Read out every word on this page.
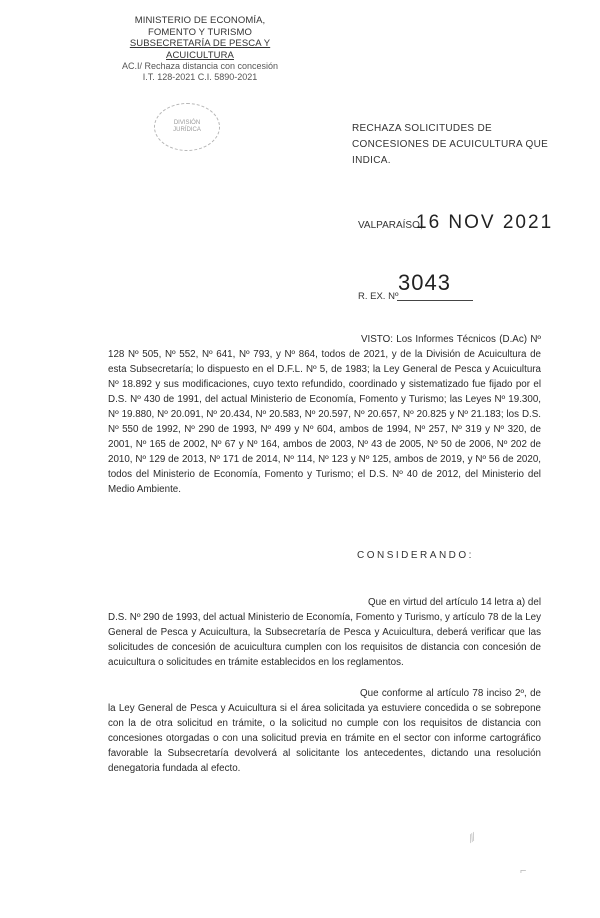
MINISTERIO DE ECONOMÍA,
FOMENTO Y TURISMO
SUBSECRETARÍA DE PESCA Y ACUICULTURA
AC.I/ Rechaza distancia con concesión
I.T. 128-2021 C.I. 5890-2021
DIVISIÓN
JURÍDICA	RECHAZA SOLICITUDES DE CONCESIONES DE ACUICULTURA QUE INDICA.
VALPARAÍSO,
16 NOV 2021
R. EX. Nº
3043
VISTO: Los Informes Técnicos (D.Ac) Nº 128 Nº 505, Nº 552, Nº 641, Nº 793, y Nº 864, todos de 2021, y de la División de Acuicultura de esta Subsecretaría; lo dispuesto en el D.F.L. Nº 5, de 1983; la Ley General de Pesca y Acuicultura Nº 18.892 y sus modificaciones, cuyo texto refundido, coordinado y sistematizado fue fijado por el D.S. Nº 430 de 1991, del actual Ministerio de Economía, Fomento y Turismo; las Leyes Nº 19.300, Nº 19.880, Nº 20.091, Nº 20.434, Nº 20.583, Nº 20.597, Nº 20.657, Nº 20.825 y Nº 21.183; los D.S. Nº 550 de 1992, Nº 290 de 1993, Nº 499 y Nº 604, ambos de 1994, Nº 257, Nº 319 y Nº 320, de 2001, Nº 165 de 2002, Nº 67 y Nº 164, ambos de 2003, Nº 43 de 2005, Nº 50 de 2006, Nº 202 de 2010, Nº 129 de 2013, Nº 171 de 2014, Nº 114, Nº 123 y Nº 125, ambos de 2019, y Nº 56 de 2020, todos del Ministerio de Economía, Fomento y Turismo; el D.S. Nº 40 de 2012, del Ministerio del Medio Ambiente.
CONSIDERANDO:
Que en virtud del artículo 14 letra a) del D.S. Nº 290 de 1993, del actual Ministerio de Economía, Fomento y Turismo, y artículo 78 de la Ley General de Pesca y Acuicultura, la Subsecretaría de Pesca y Acuicultura, deberá verificar que las solicitudes de concesión de acuicultura cumplen con los requisitos de distancia con concesión de acuicultura o solicitudes en trámite establecidos en los reglamentos.
Que conforme al artículo 78 inciso 2º, de la Ley General de Pesca y Acuicultura si el área solicitada ya estuviere concedida o se sobrepone con la de otra solicitud en trámite, o la solicitud no cumple con los requisitos de distancia con concesiones otorgadas o con una solicitud previa en trámite en el sector con informe cartográfico favorable la Subsecretaría devolverá al solicitante los antecedentes, dictando una resolución denegatoria fundada al efecto.
⁄⁄⁄
⌐
